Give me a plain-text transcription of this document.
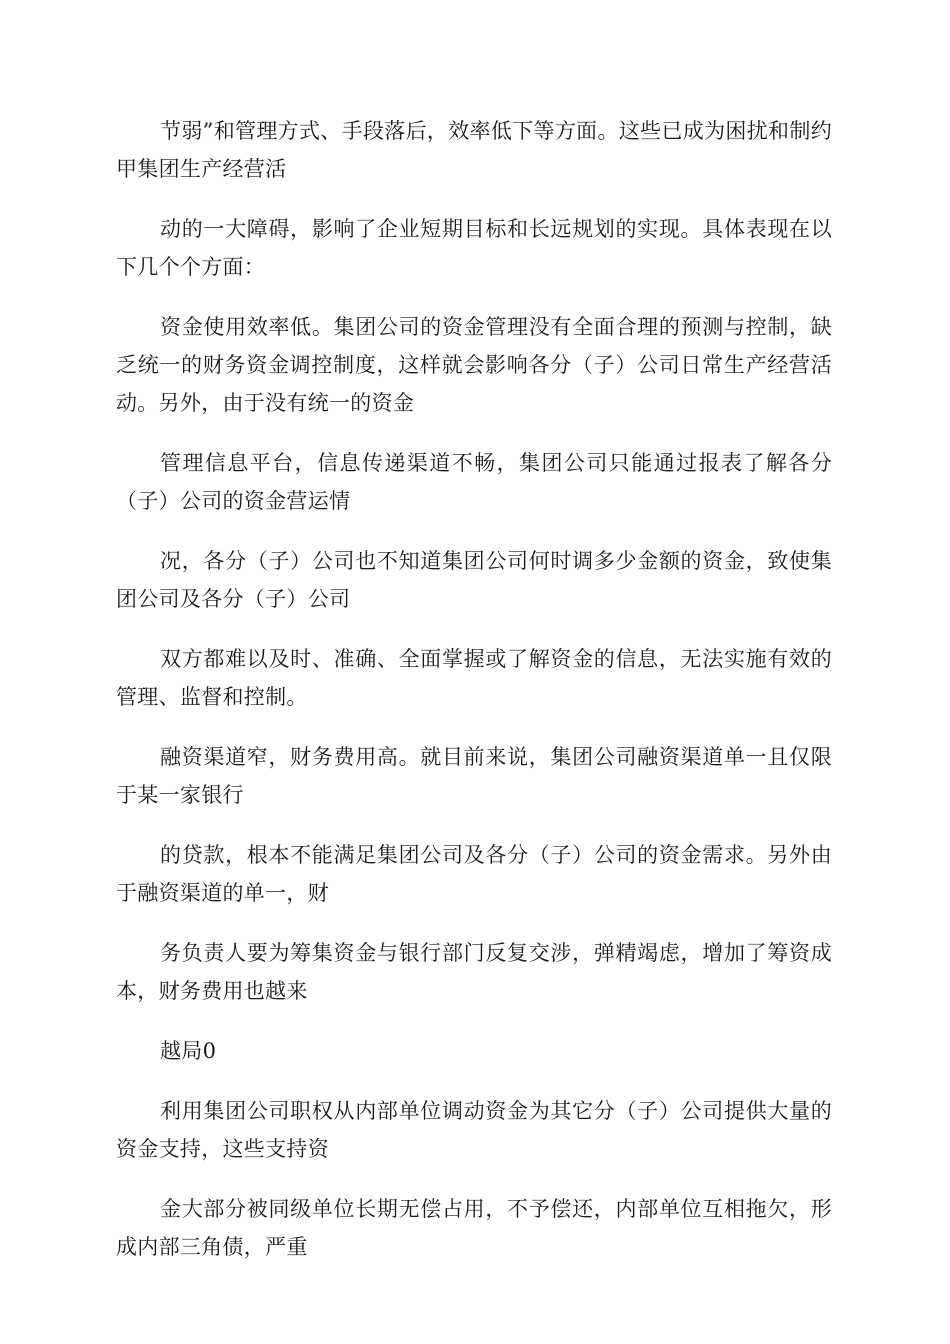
节弱”和管理方式、手段落后，效率低下等方面。这些已成为困扰和制约甲集团生产经营活

动的一大障碍，影响了企业短期目标和长远规划的实现。具体表现在以下几个个方面：

资金使用效率低。集团公司的资金管理没有全面合理的预测与控制，缺乏统一的财务资金调控制度，这样就会影响各分（子）公司日常生产经营活动。另外，由于没有统一的资金

管理信息平台，信息传递渠道不畅，集团公司只能通过报表了解各分（子）公司的资金营运情

况，各分（子）公司也不知道集团公司何时调多少金额的资金，致使集团公司及各分（子）公司

双方都难以及时、准确、全面掌握或了解资金的信息，无法实施有效的管理、监督和控制。

融资渠道窄，财务费用高。就目前来说，集团公司融资渠道单一且仅限于某一家银行

的贷款，根本不能满足集团公司及各分（子）公司的资金需求。另外由于融资渠道的单一，财

务负责人要为筹集资金与银行部门反复交涉，弹精竭虑，增加了筹资成本，财务费用也越来

越局0

利用集团公司职权从内部单位调动资金为其它分（子）公司提供大量的资金支持，这些支持资

金大部分被同级单位长期无偿占用，不予偿还，内部单位互相拖欠，形成内部三角债，严重
